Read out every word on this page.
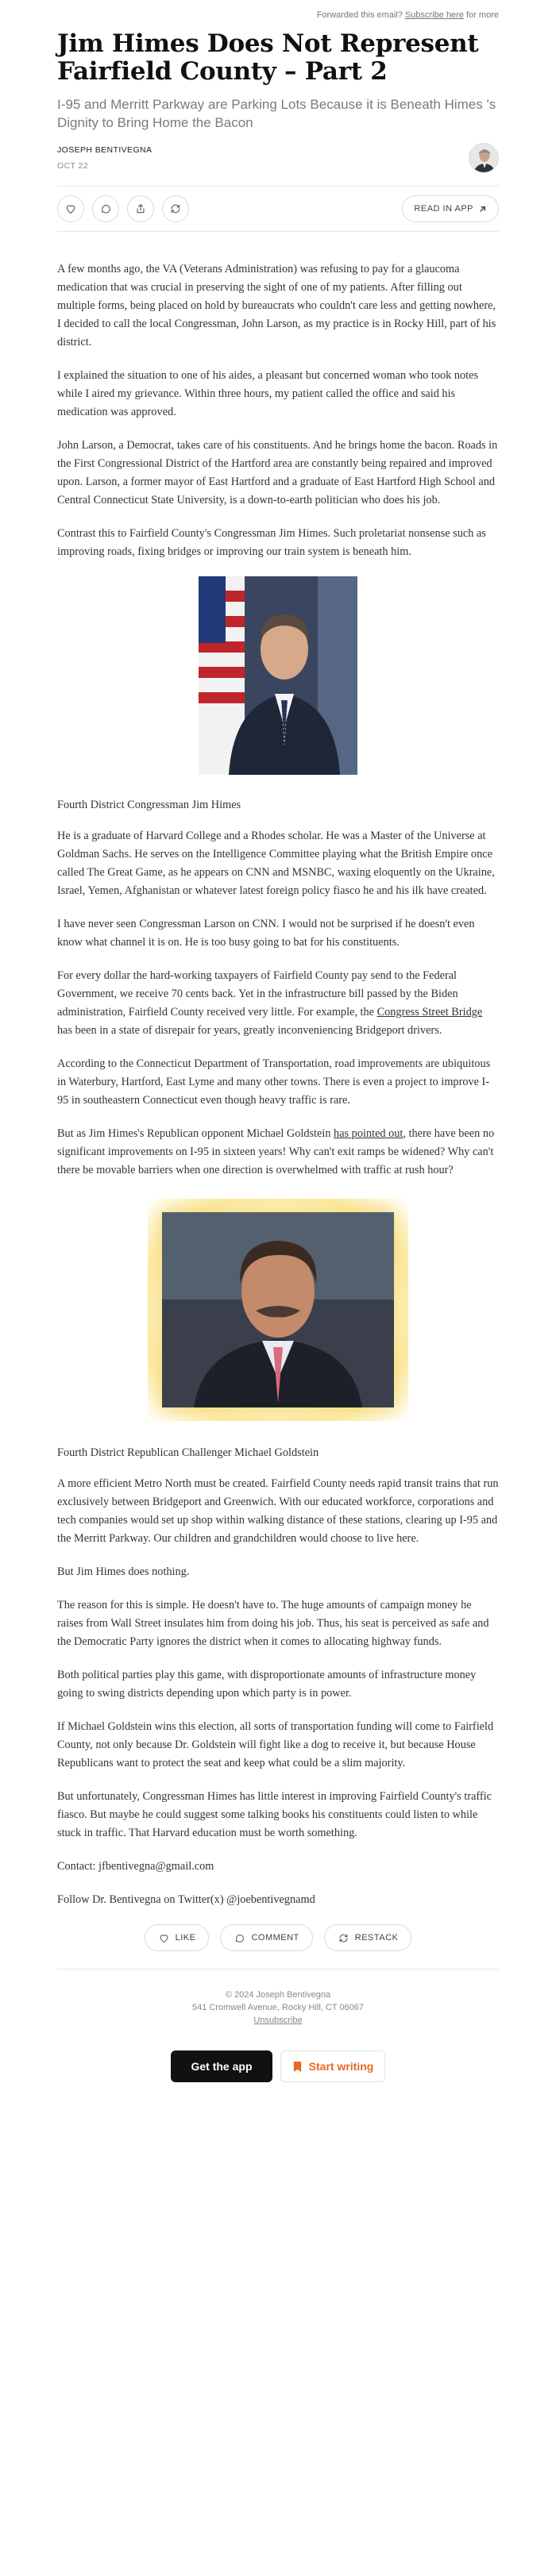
Forwarded this email? Subscribe here for more
Jim Himes Does Not Represent Fairfield County – Part 2
I-95 and Merritt Parkway are Parking Lots Because it is Beneath Himes 's Dignity to Bring Home the Bacon
JOSEPH BENTIVEGNA
OCT 22
READ IN APP

A few months ago, the VA (Veterans Administration) was refusing to pay for a glaucoma medication that was crucial in preserving the sight of one of my patients. After filling out multiple forms, being placed on hold by bureaucrats who couldn't care less and getting nowhere, I decided to call the local Congressman, John Larson, as my practice is in Rocky Hill, part of his district.

I explained the situation to one of his aides, a pleasant but concerned woman who took notes while I aired my grievance. Within three hours, my patient called the office and said his medication was approved.

John Larson, a Democrat, takes care of his constituents. And he brings home the bacon. Roads in the First Congressional District of the Hartford area are constantly being repaired and improved upon. Larson, a former mayor of East Hartford and a graduate of East Hartford High School and Central Connecticut State University, is a down-to-earth politician who does his job.

Contrast this to Fairfield County's Congressman Jim Himes. Such proletariat nonsense such as improving roads, fixing bridges or improving our train system is beneath him.

Fourth District Congressman Jim Himes

He is a graduate of Harvard College and a Rhodes scholar. He was a Master of the Universe at Goldman Sachs. He serves on the Intelligence Committee playing what the British Empire once called The Great Game, as he appears on CNN and MSNBC, waxing eloquently on the Ukraine, Israel, Yemen, Afghanistan or whatever latest foreign policy fiasco he and his ilk have created.

I have never seen Congressman Larson on CNN. I would not be surprised if he doesn't even know what channel it is on. He is too busy going to bat for his constituents.

For every dollar the hard-working taxpayers of Fairfield County pay send to the Federal Government, we receive 70 cents back. Yet in the infrastructure bill passed by the Biden administration, Fairfield County received very little. For example, the Congress Street Bridge has been in a state of disrepair for years, greatly inconveniencing Bridgeport drivers.

According to the Connecticut Department of Transportation, road improvements are ubiquitous in Waterbury, Hartford, East Lyme and many other towns. There is even a project to improve I-95 in southeastern Connecticut even though heavy traffic is rare.

But as Jim Himes's Republican opponent Michael Goldstein has pointed out, there have been no significant improvements on I-95 in sixteen years! Why can't exit ramps be widened? Why can't there be movable barriers when one direction is overwhelmed with traffic at rush hour?

Fourth District Republican Challenger Michael Goldstein

A more efficient Metro North must be created. Fairfield County needs rapid transit trains that run exclusively between Bridgeport and Greenwich. With our educated workforce, corporations and tech companies would set up shop within walking distance of these stations, clearing up I-95 and the Merritt Parkway. Our children and grandchildren would choose to live here.

But Jim Himes does nothing.

The reason for this is simple. He doesn't have to. The huge amounts of campaign money he raises from Wall Street insulates him from doing his job. Thus, his seat is perceived as safe and the Democratic Party ignores the district when it comes to allocating highway funds.

Both political parties play this game, with disproportionate amounts of infrastructure money going to swing districts depending upon which party is in power.

If Michael Goldstein wins this election, all sorts of transportation funding will come to Fairfield County, not only because Dr. Goldstein will fight like a dog to receive it, but because House Republicans want to protect the seat and keep what could be a slim majority.

But unfortunately, Congressman Himes has little interest in improving Fairfield County's traffic fiasco. But maybe he could suggest some talking books his constituents could listen to while stuck in traffic. That Harvard education must be worth something.

Contact: jfbentivegna@gmail.com

Follow Dr. Bentivegna on Twitter(x) @joebentivegnamd

LIKE	COMMENT	RESTACK
© 2024 Joseph Bentivegna
541 Cromwell Avenue, Rocky Hill, CT 06067
Unsubscribe
Get the app	Start writing
